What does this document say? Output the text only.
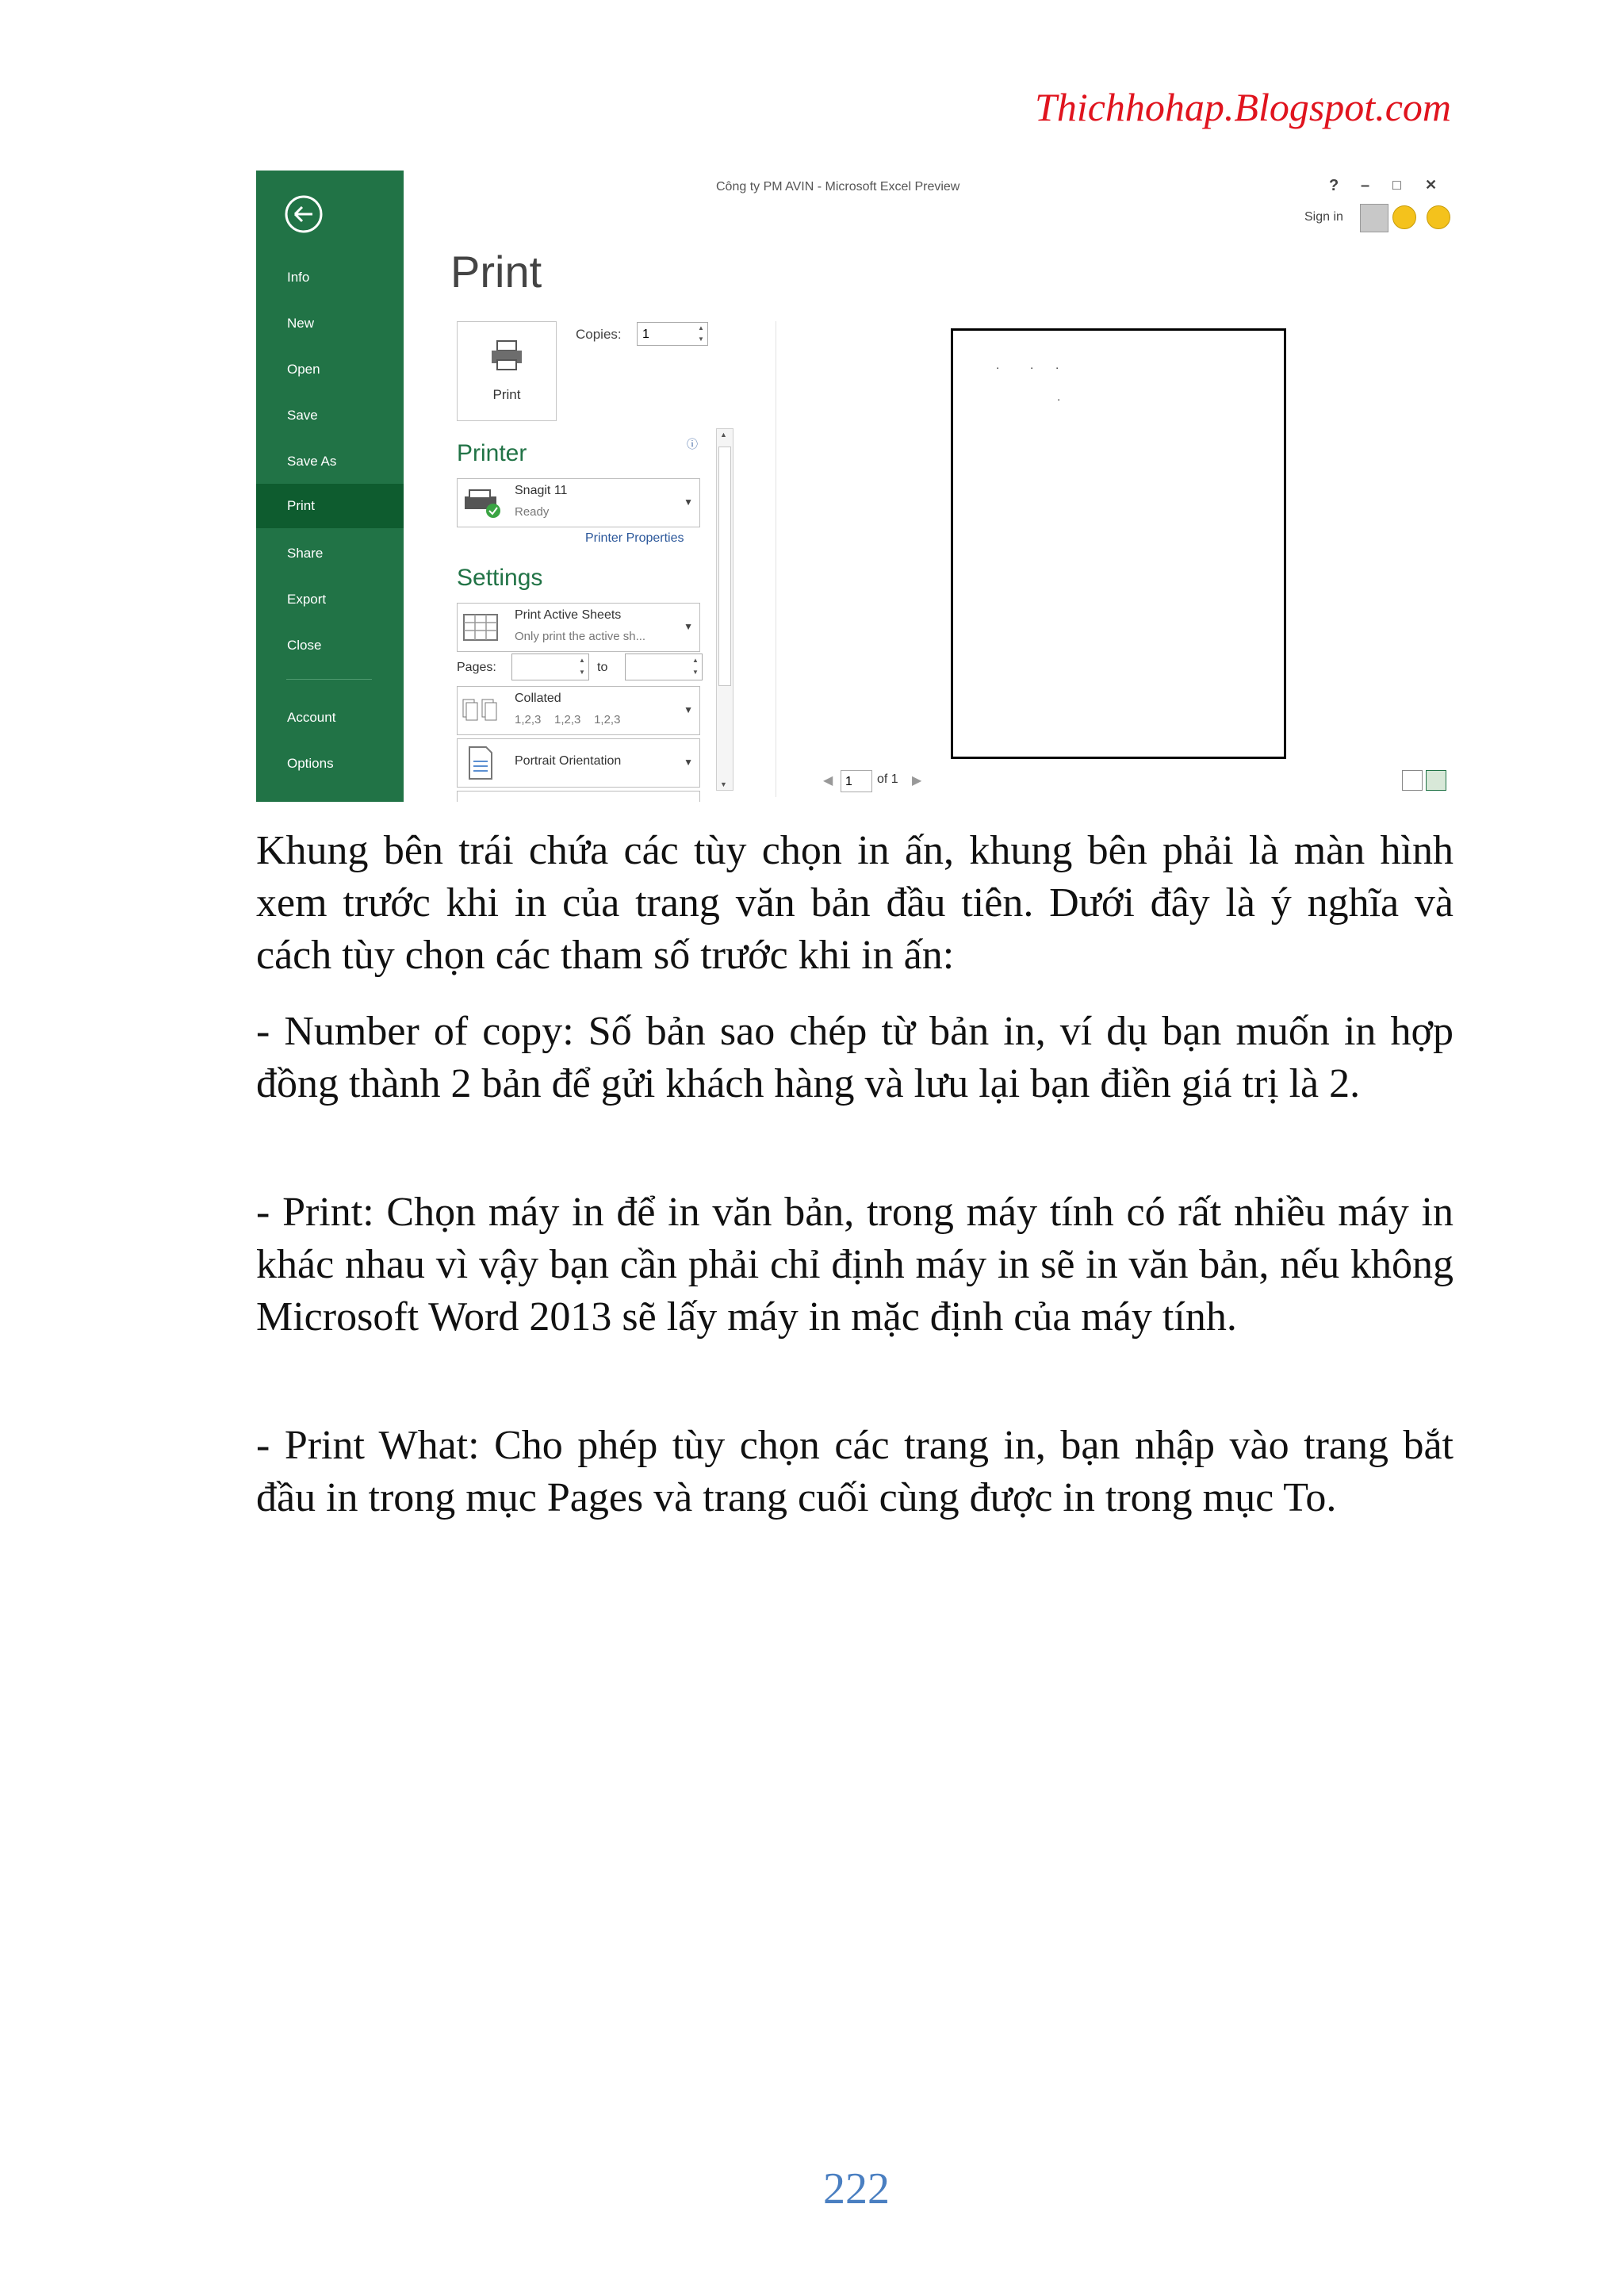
Thichhohap.Blogspot.com
Info
New
Open
Save
Save As
Print
Share
Export
Close
Account
Options
Công ty PM AVIN - Microsoft Excel Preview	? – □ ✕
Sign in
Print
Print
Copies:	1	▲
▼
Printer	ⓘ
Snagit 11
Ready
▼
Printer Properties
Settings
Print Active Sheets
Only print the active sh...
▼
Pages:
▲
▼ to
▲
▼
Collated
1,2,3    1,2,3    1,2,3
▼
Portrait Orientation	▼
▲
▼
▪	▪	▪
▪
◀ 1	of 1 ▶

Khung bên trái chứa các tùy chọn in ấn, khung bên phải là màn hình xem trước khi in của trang văn bản đầu tiên. Dưới đây là ý nghĩa và cách tùy chọn các tham số trước khi in ấn:

- Number of copy: Số bản sao chép từ bản in, ví dụ bạn muốn in hợp đồng thành 2 bản để gửi khách hàng và lưu lại bạn điền giá trị là 2.

- Print: Chọn máy in để in văn bản, trong máy tính có rất nhiều máy in khác nhau vì vậy bạn cần phải chỉ định máy in sẽ in văn bản, nếu không Microsoft Word 2013 sẽ lấy máy in mặc định của máy tính.

- Print What: Cho phép tùy chọn các trang in, bạn nhập vào trang bắt đầu in trong mục Pages và trang cuối cùng được in trong mục To.

222
